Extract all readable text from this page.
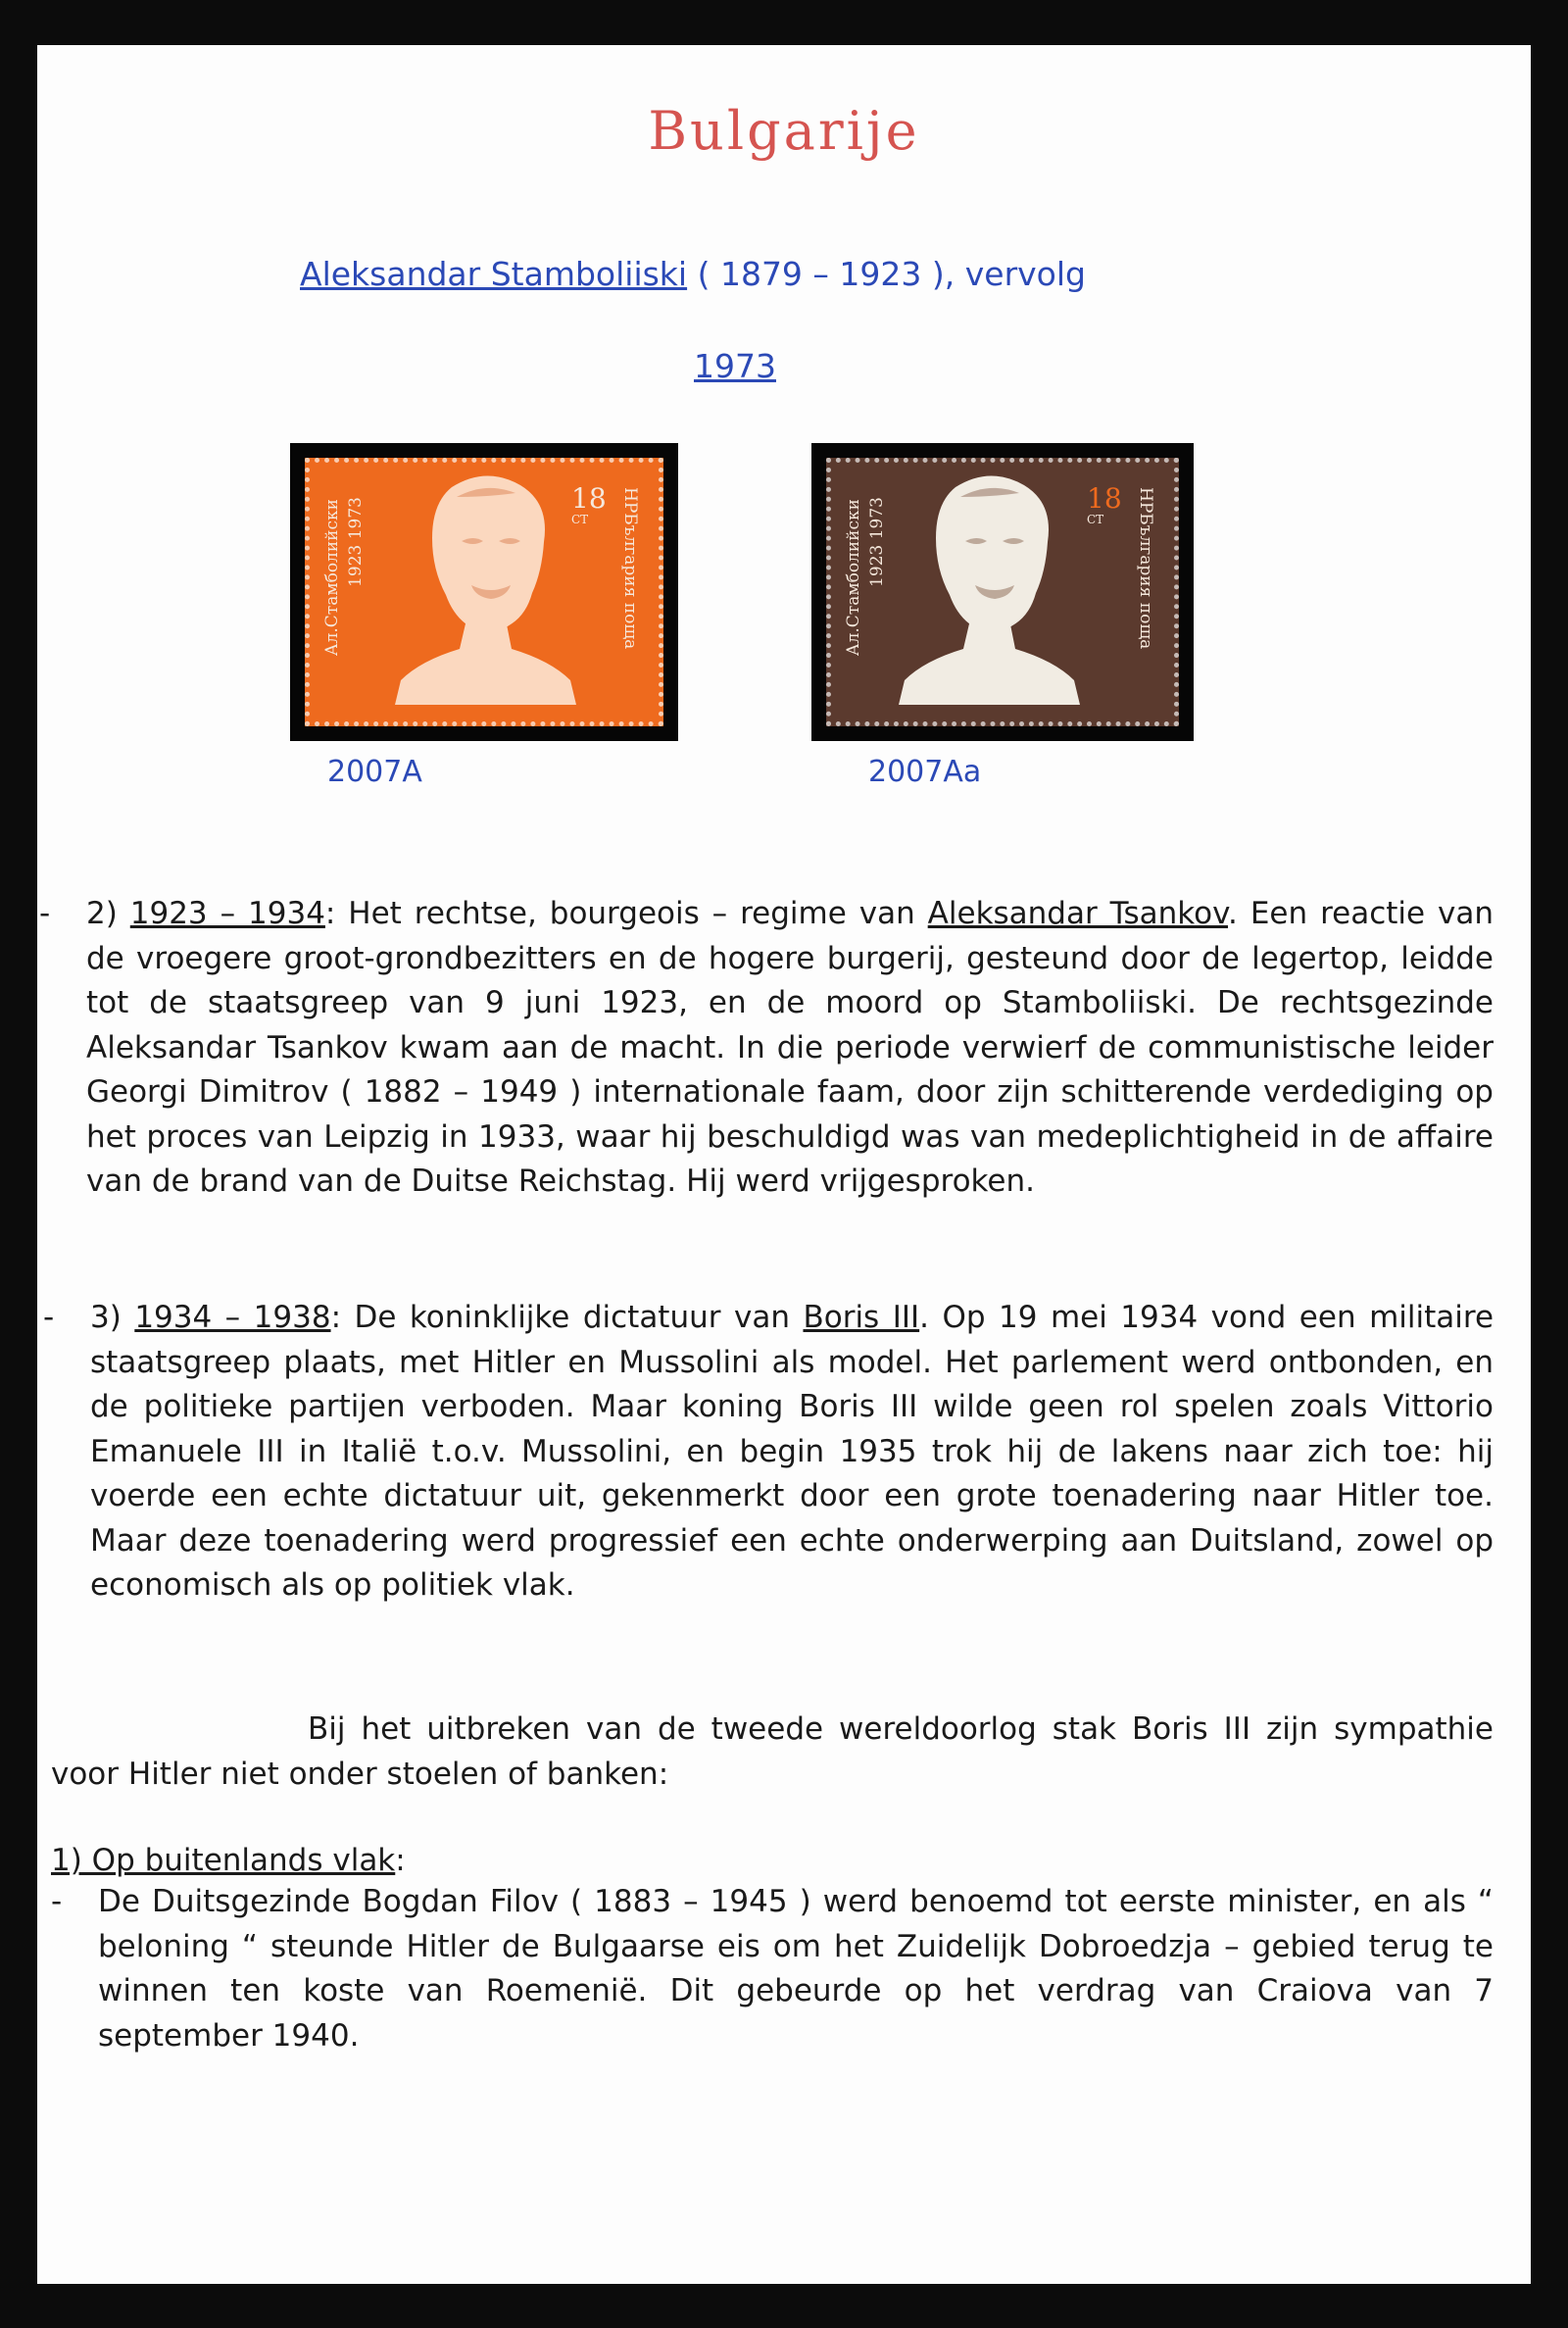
Bulgarije
Aleksandar Stamboliiski ( 1879 – 1923 ), vervolg
1973
Ал.Стамболийски 1923 1973	18
CT	НРБългария поща
2007A
Ал.Стамболийски 1923 1973	18
CT	НРБългария поща
2007Aa
- 2) 1923 – 1934: Het rechtse, bourgeois – regime van Aleksandar Tsankov. Een reactie van de vroegere groot-grondbezitters en de hogere burgerij, gesteund door de legertop, leidde tot de staatsgreep van 9 juni 1923, en de moord op Stamboliiski. De rechtsgezinde Aleksandar Tsankov kwam aan de macht. In die periode verwierf de communistische leider Georgi Dimitrov ( 1882 – 1949 ) internationale faam, door zijn schitterende verdediging op het proces van Leipzig in 1933, waar hij beschuldigd was van medeplichtigheid in de affaire van de brand van de Duitse Reichstag. Hij werd vrijgesproken.
- 3) 1934 – 1938: De koninklijke dictatuur van Boris III. Op 19 mei 1934 vond een militaire staatsgreep plaats, met Hitler en Mussolini als model. Het parlement werd ontbonden, en de politieke partijen verboden. Maar koning Boris III wilde geen rol spelen zoals Vittorio Emanuele III in Italië t.o.v. Mussolini, en begin 1935 trok hij de lakens naar zich toe: hij voerde een echte dictatuur uit, gekenmerkt door een grote toenadering naar Hitler toe. Maar deze toenadering werd progressief een echte onderwerping aan Duitsland, zowel op economisch als op politiek vlak.
Bij het uitbreken van de tweede wereldoorlog stak Boris III zijn sympathie voor Hitler niet onder stoelen of banken:
1) Op buitenlands vlak:
- De Duitsgezinde Bogdan Filov ( 1883 – 1945 ) werd benoemd tot eerste minister, en als “ beloning “ steunde Hitler de Bulgaarse eis om het Zuidelijk Dobroedzja – gebied terug te winnen ten koste van Roemenië. Dit gebeurde op het verdrag van Craiova van 7 september 1940.
